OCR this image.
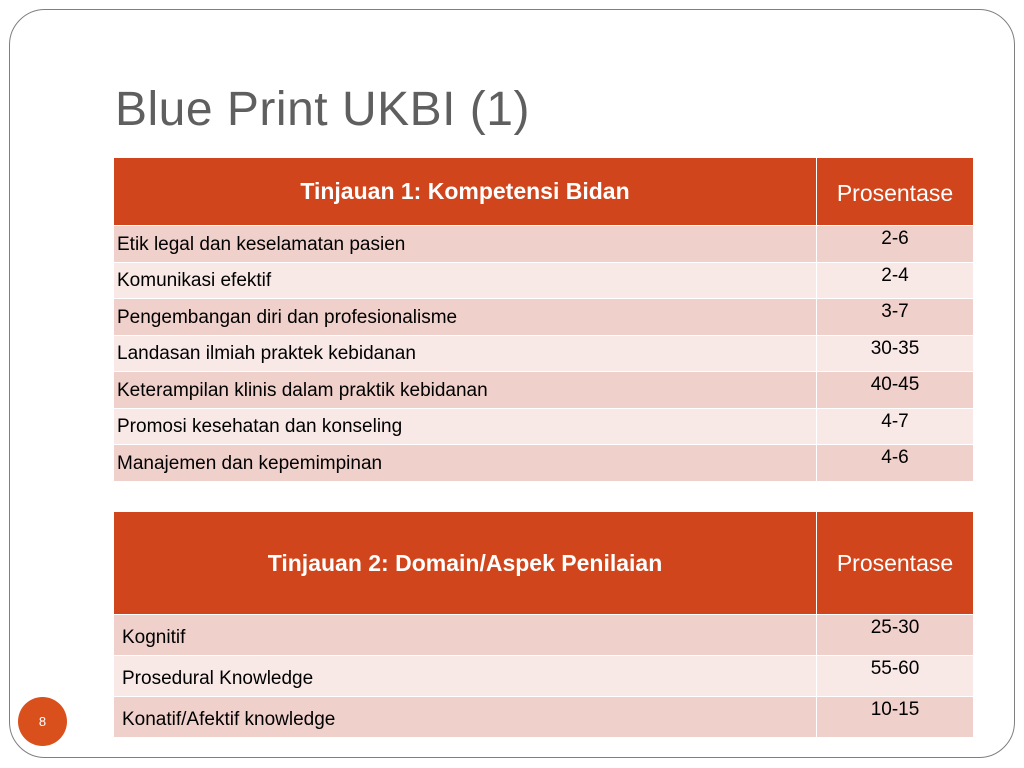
Blue Print UKBI (1)
Tinjauan 1: Kompetensi Bidan	Prosentase
Etik legal dan keselamatan pasien	2-6
Komunikasi efektif	2-4
Pengembangan diri dan profesionalisme	3-7
Landasan ilmiah praktek kebidanan	30-35
Keterampilan klinis dalam praktik kebidanan	40-45
Promosi kesehatan dan konseling	4-7
Manajemen dan kepemimpinan	4-6
Tinjauan 2: Domain/Aspek Penilaian	Prosentase
Kognitif	25-30
Prosedural Knowledge	55-60
Konatif/Afektif knowledge	10-15
8
